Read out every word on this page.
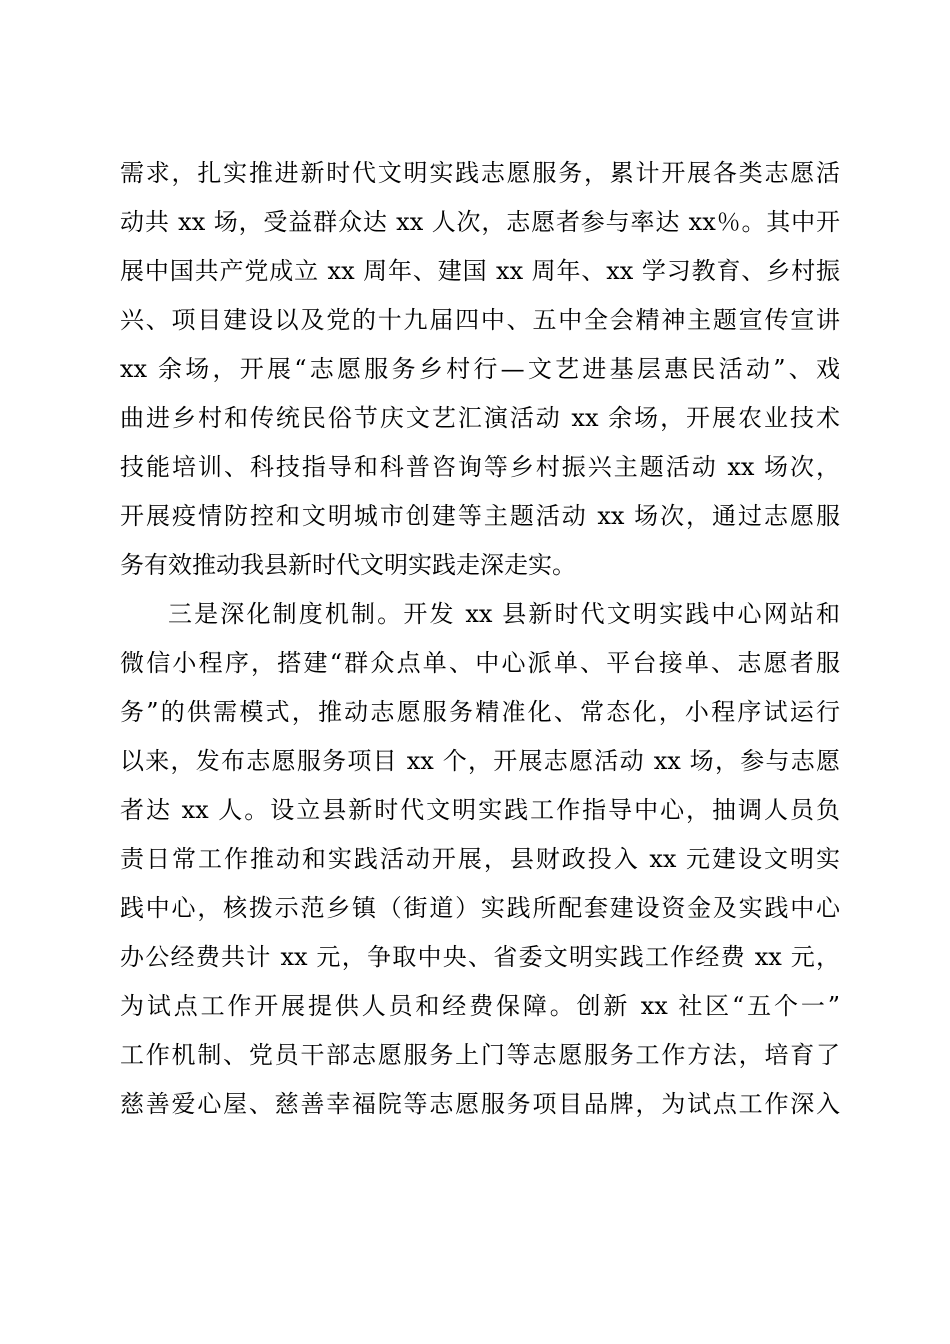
需求，扎实推进新时代文明实践志愿服务，累计开展各类志愿活
动共 xx 场，受益群众达 xx 人次，志愿者参与率达 xx％。其中开
展中国共产党成立 xx 周年、建国 xx 周年、xx 学习教育、乡村振
兴、项目建设以及党的十九届四中、五中全会精神主题宣传宣讲
xx 余场，开展“志愿服务乡村行—文艺进基层惠民活动”、戏
曲进乡村和传统民俗节庆文艺汇演活动 xx 余场，开展农业技术
技能培训、科技指导和科普咨询等乡村振兴主题活动 xx 场次，
开展疫情防控和文明城市创建等主题活动 xx 场次，通过志愿服
务有效推动我县新时代文明实践走深走实。
三是深化制度机制。开发 xx 县新时代文明实践中心网站和
微信小程序，搭建“群众点单、中心派单、平台接单、志愿者服
务”的供需模式，推动志愿服务精准化、常态化，小程序试运行
以来，发布志愿服务项目 xx 个，开展志愿活动 xx 场，参与志愿
者达 xx 人。设立县新时代文明实践工作指导中心，抽调人员负
责日常工作推动和实践活动开展，县财政投入 xx 元建设文明实
践中心，核拨示范乡镇（街道）实践所配套建设资金及实践中心
办公经费共计 xx 元，争取中央、省委文明实践工作经费 xx 元，
为试点工作开展提供人员和经费保障。创新 xx 社区“五个一”
工作机制、党员干部志愿服务上门等志愿服务工作方法，培育了
慈善爱心屋、慈善幸福院等志愿服务项目品牌，为试点工作深入
